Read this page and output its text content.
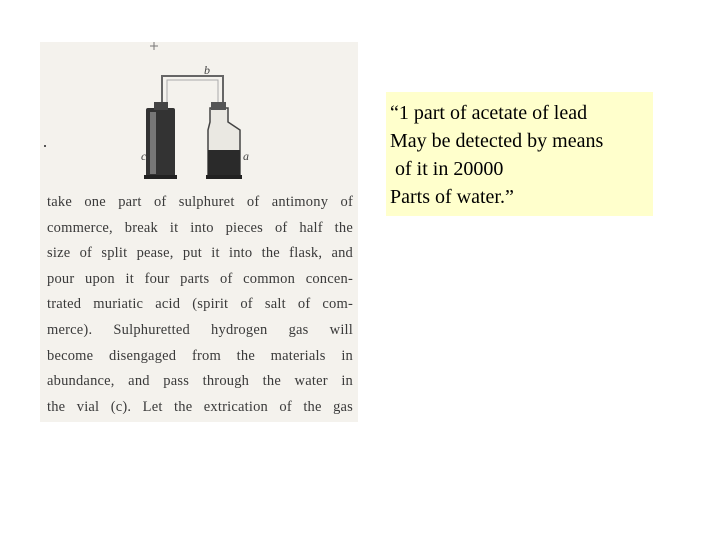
b
c	a
take one part of sulphuret of antimony of
commerce, break it into pieces of half the
size of split pease, put it into the flask, and
pour upon it four parts of common concen-
trated muriatic acid (spirit of salt of com-
merce). Sulphuretted hydrogen gas will
become disengaged from the materials in
abundance, and pass through the water in
the vial (c). Let the extrication of the gas
“1 part of acetate of lead
May be detected by means
of it in 20000
Parts of water.”
